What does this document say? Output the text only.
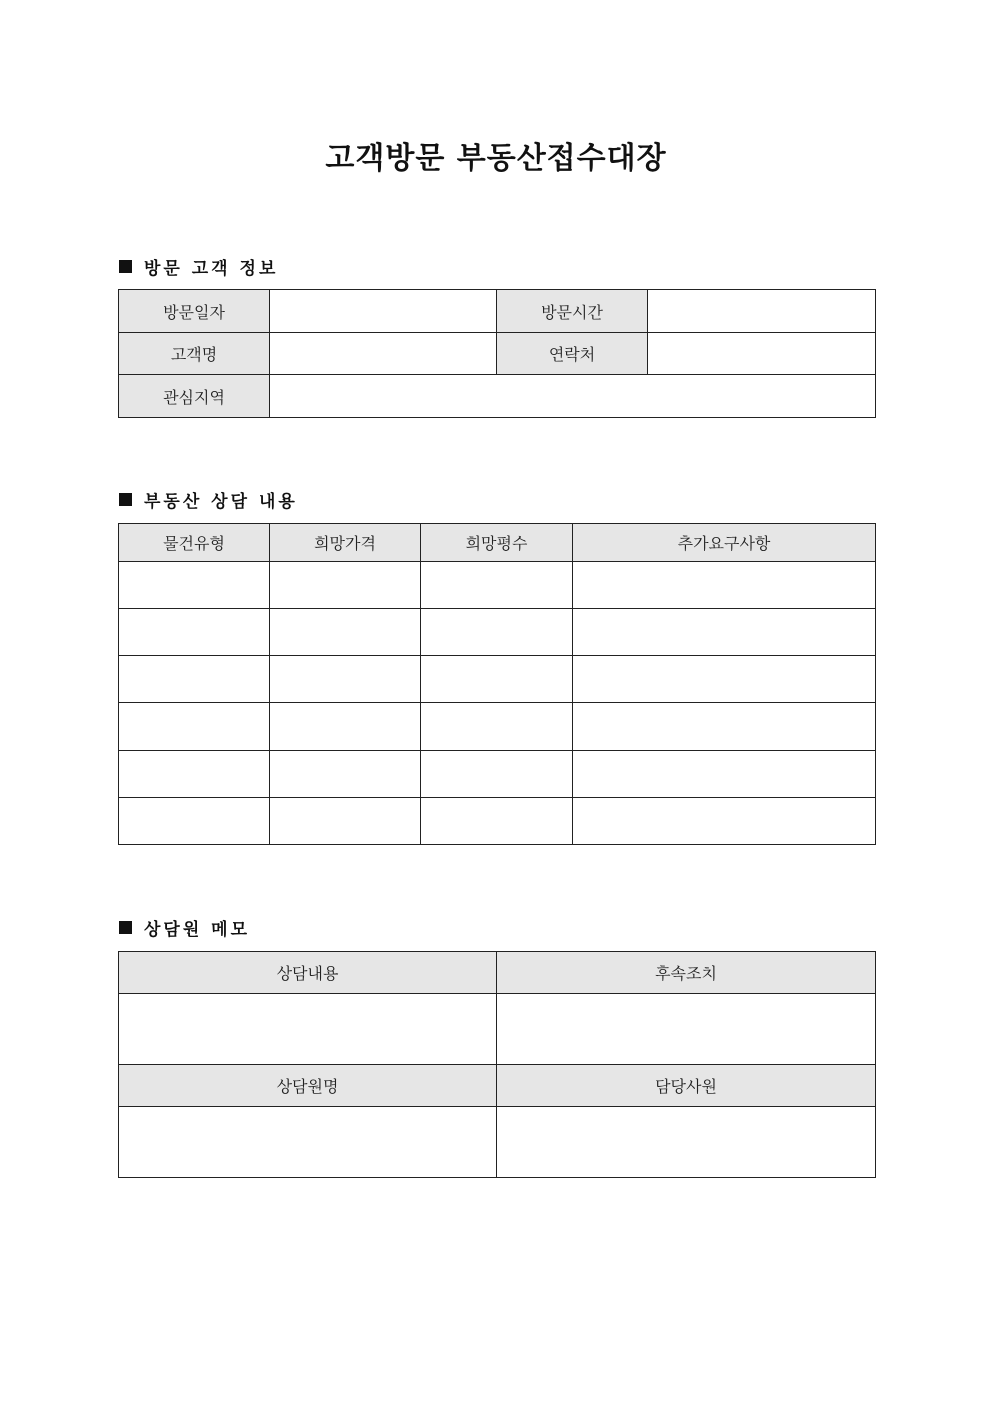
고객방문 부동산접수대장
방문 고객 정보
방문일자		방문시간	
고객명		연락처	
관심지역			
부동산 상담 내용
물건유형	희망가격	희망평수	추가요구사항

상담원 메모
상담내용	후속조치

상담원명	담당사원
